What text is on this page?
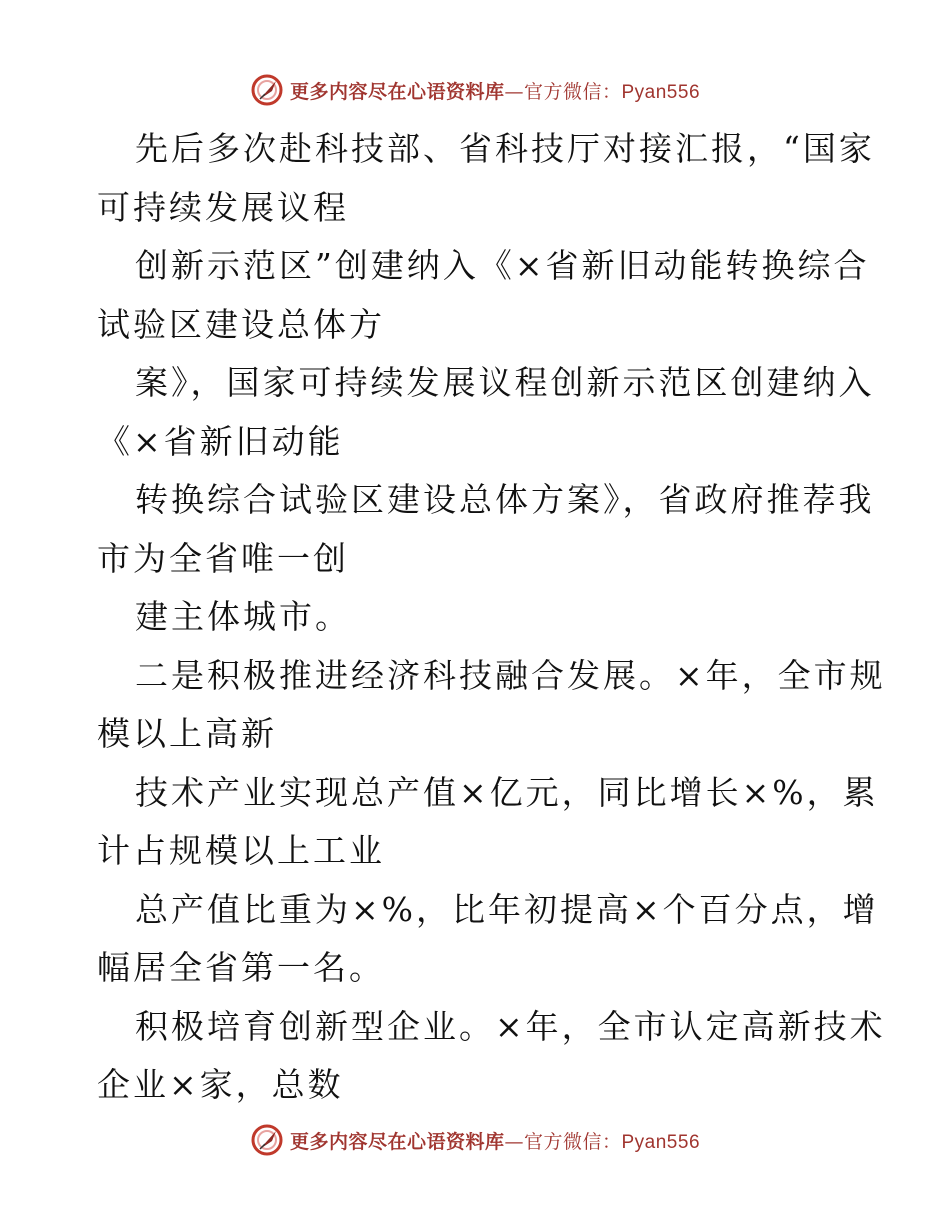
更多内容尽在心语资料库—官方微信：Pyan556
先后多次赴科技部、省科技厅对接汇报，“国家
可持续发展议程
创新示范区”创建纳入《×省新旧动能转换综合
试验区建设总体方
案》，国家可持续发展议程创新示范区创建纳入
《×省新旧动能
转换综合试验区建设总体方案》，省政府推荐我
市为全省唯一创
建主体城市。
二是积极推进经济科技融合发展。×年，全市规
模以上高新
技术产业实现总产值×亿元，同比增长×%，累
计占规模以上工业
总产值比重为×%，比年初提高×个百分点，增
幅居全省第一名。
积极培育创新型企业。×年，全市认定高新技术
企业×家，总数
更多内容尽在心语资料库—官方微信：Pyan556
